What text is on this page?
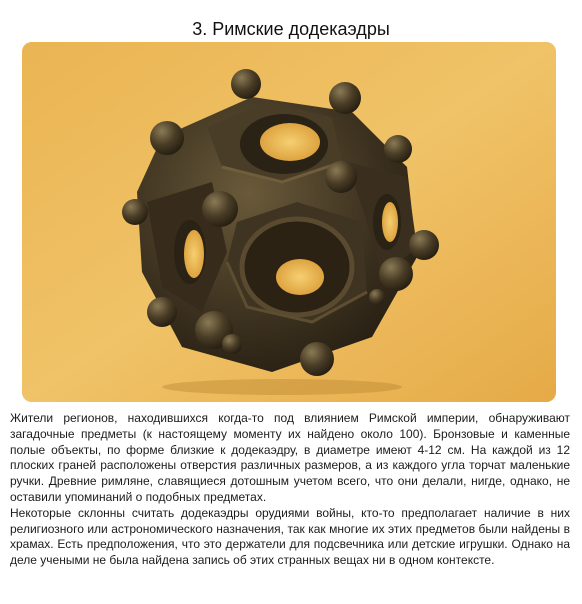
3. Римские додекаэдры

Жители регионов, находившихся когда-то под влиянием Римской империи, обнаруживают загадочные предметы (к настоящему моменту их найдено около 100). Бронзовые и каменные полые объекты, по форме близкие к додекаэдру, в диаметре имеют 4-12 см. На каждой из 12 плоских граней расположены отверстия различных размеров, а из каждого угла торчат маленькие ручки. Древние римляне, славящиеся дотошным учетом всего, что они делали, нигде, однако, не оставили упоминаний о подобных предметах.

Некоторые склонны считать додекаэдры орудиями войны, кто-то предполагает наличие в них религиозного или астрономического назначения, так как многие их этих предметов были найдены в храмах. Есть предположения, что это держатели для подсвечника или детские игрушки. Однако на деле учеными не была найдена запись об этих странных вещах ни в одном контексте.
